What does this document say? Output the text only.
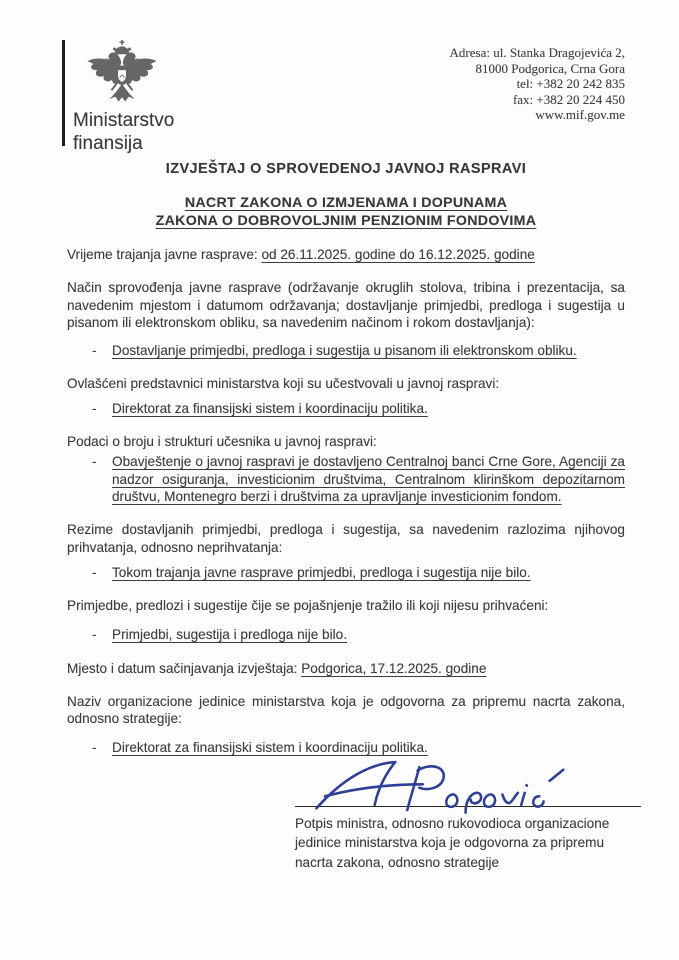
Ministarstvo
finansija
Adresa: ul. Stanka Dragojevića 2,
81000 Podgorica, Crna Gora
tel: +382 20 242 835
fax: +382 20 224 450
www.mif.gov.me
IZVJEŠTAJ O SPROVEDENOJ JAVNOJ RASPRAVI
NACRT ZAKONA O IZMJENAMA I DOPUNAMA
ZAKONA O DOBROVOLJNIM PENZIONIM FONDOVIMA

Vrijeme trajanja javne rasprave: od 26.11.2025. godine do 16.12.2025. godine

Način sprovođenja javne rasprave (održavanje okruglih stolova, tribina i prezentacija, sa navedenim mjestom i datumom održavanja; dostavljanje primjedbi, predloga i sugestija u pisanom ili elektronskom obliku, sa navedenim načinom i rokom dostavljanja):

-	Dostavljanje primjedbi, predloga i sugestija u pisanom ili elektronskom obliku.

Ovlašćeni predstavnici ministarstva koji su učestvovali u javnoj raspravi:

-	Direktorat za finansijski sistem i koordinaciju politika.

Podaci o broju i strukturi učesnika u javnoj raspravi:

-	Obavještenje o javnoj raspravi je dostavljeno Centralnoj banci Crne Gore, Agenciji za nadzor osiguranja, investicionim društvima, Centralnom klirinškom depozitarnom društvu, Montenegro berzi i društvima za upravljanje investicionim fondom.

Rezime dostavljanih primjedbi, predloga i sugestija, sa navedenim razlozima njihovog prihvatanja, odnosno neprihvatanja:

-	Tokom trajanja javne rasprave primjedbi, predloga i sugestija nije bilo.

Primjedbe, predlozi i sugestije čije se pojašnjenje tražilo ili koji nijesu prihvaćeni:

-	Primjedbi, sugestija i predloga nije bilo.

Mjesto i datum sačinjavanja izvještaja: Podgorica, 17.12.2025. godine

Naziv organizacione jedinice ministarstva koja je odgovorna za pripremu nacrta zakona, odnosno strategije:

-	Direktorat za finansijski sistem i koordinaciju politika.
Potpis ministra, odnosno rukovodioca organizacione jedinice ministarstva koja je odgovorna za pripremu nacrta zakona, odnosno strategije
